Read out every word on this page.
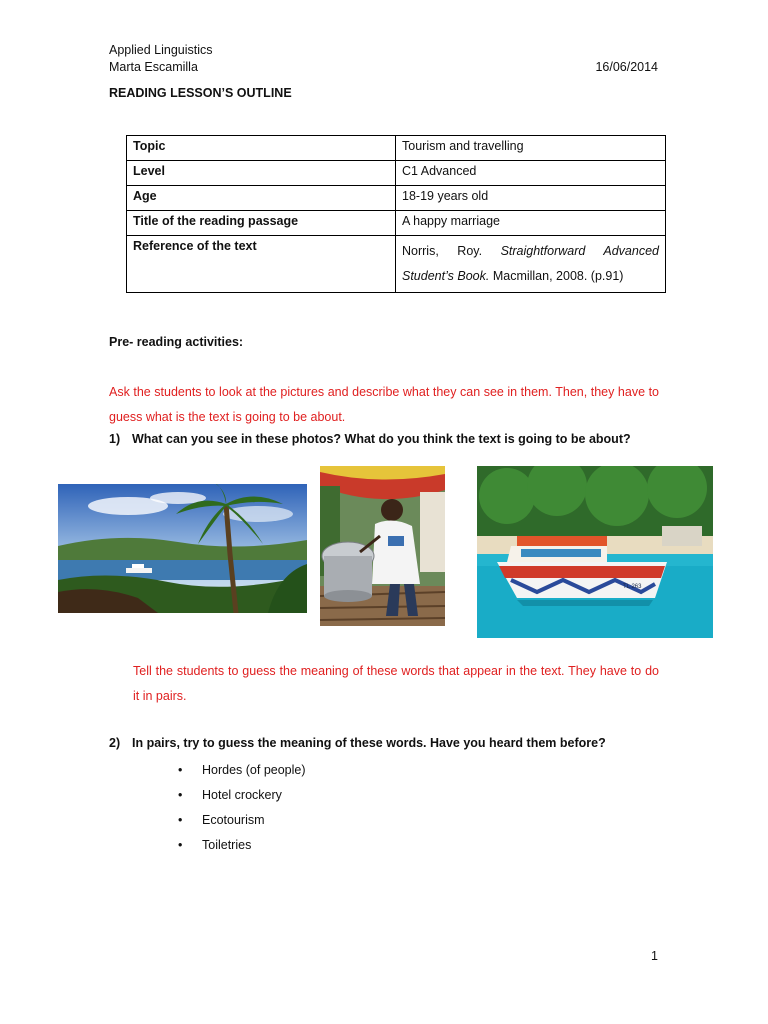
Applied Linguistics
Marta Escamilla	16/06/2014
READING LESSON’S OUTLINE
Topic	Tourism and travelling
Level	C1 Advanced
Age	18-19 years old
Title of the reading passage	A happy marriage
Reference of the text	Norris, Roy. Straightforward Advanced Student’s Book. Macmillan, 2008. (p.91)
Pre- reading activities:
Ask the students to look at the pictures and describe what they can see in them. Then, they have to guess what is the text is going to be about.
1) What can you see in these photos? What do you think the text is going to be about?
TL 263
Tell the students to guess the meaning of these words that appear in the text. They have to do it in pairs.
2) In pairs, try to guess the meaning of these words. Have you heard them before?
• Hordes (of people)
• Hotel crockery
• Ecotourism
• Toiletries
1
